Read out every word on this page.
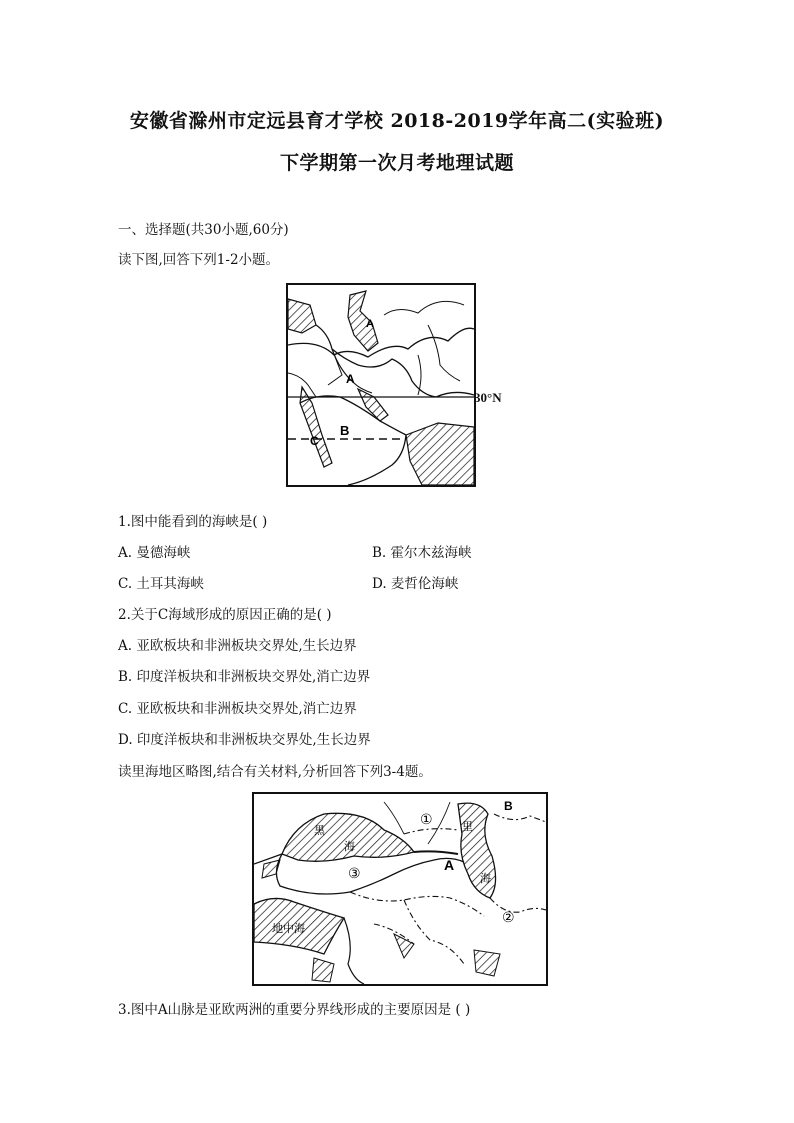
安徽省滁州市定远县育才学校 2018-2019学年高二(实验班)
下学期第一次月考地理试题
一、选择题(共30小题,60分)
读下图,回答下列1-2小题。
A
A
B
C
30°N
1.图中能看到的海峡是( )
A. 曼德海峡	B. 霍尔木兹海峡
C. 土耳其海峡	D. 麦哲伦海峡
2.关于C海域形成的原因正确的是( )
A. 亚欧板块和非洲板块交界处,生长边界
B. 印度洋板块和非洲板块交界处,消亡边界
C. 亚欧板块和非洲板块交界处,消亡边界
D. 印度洋板块和非洲板块交界处,生长边界
读里海地区略图,结合有关材料,分析回答下列3-4题。
①
②
③
A
B
黑
海
里
海
地中海
3.图中A山脉是亚欧两洲的重要分界线形成的主要原因是 ( )
